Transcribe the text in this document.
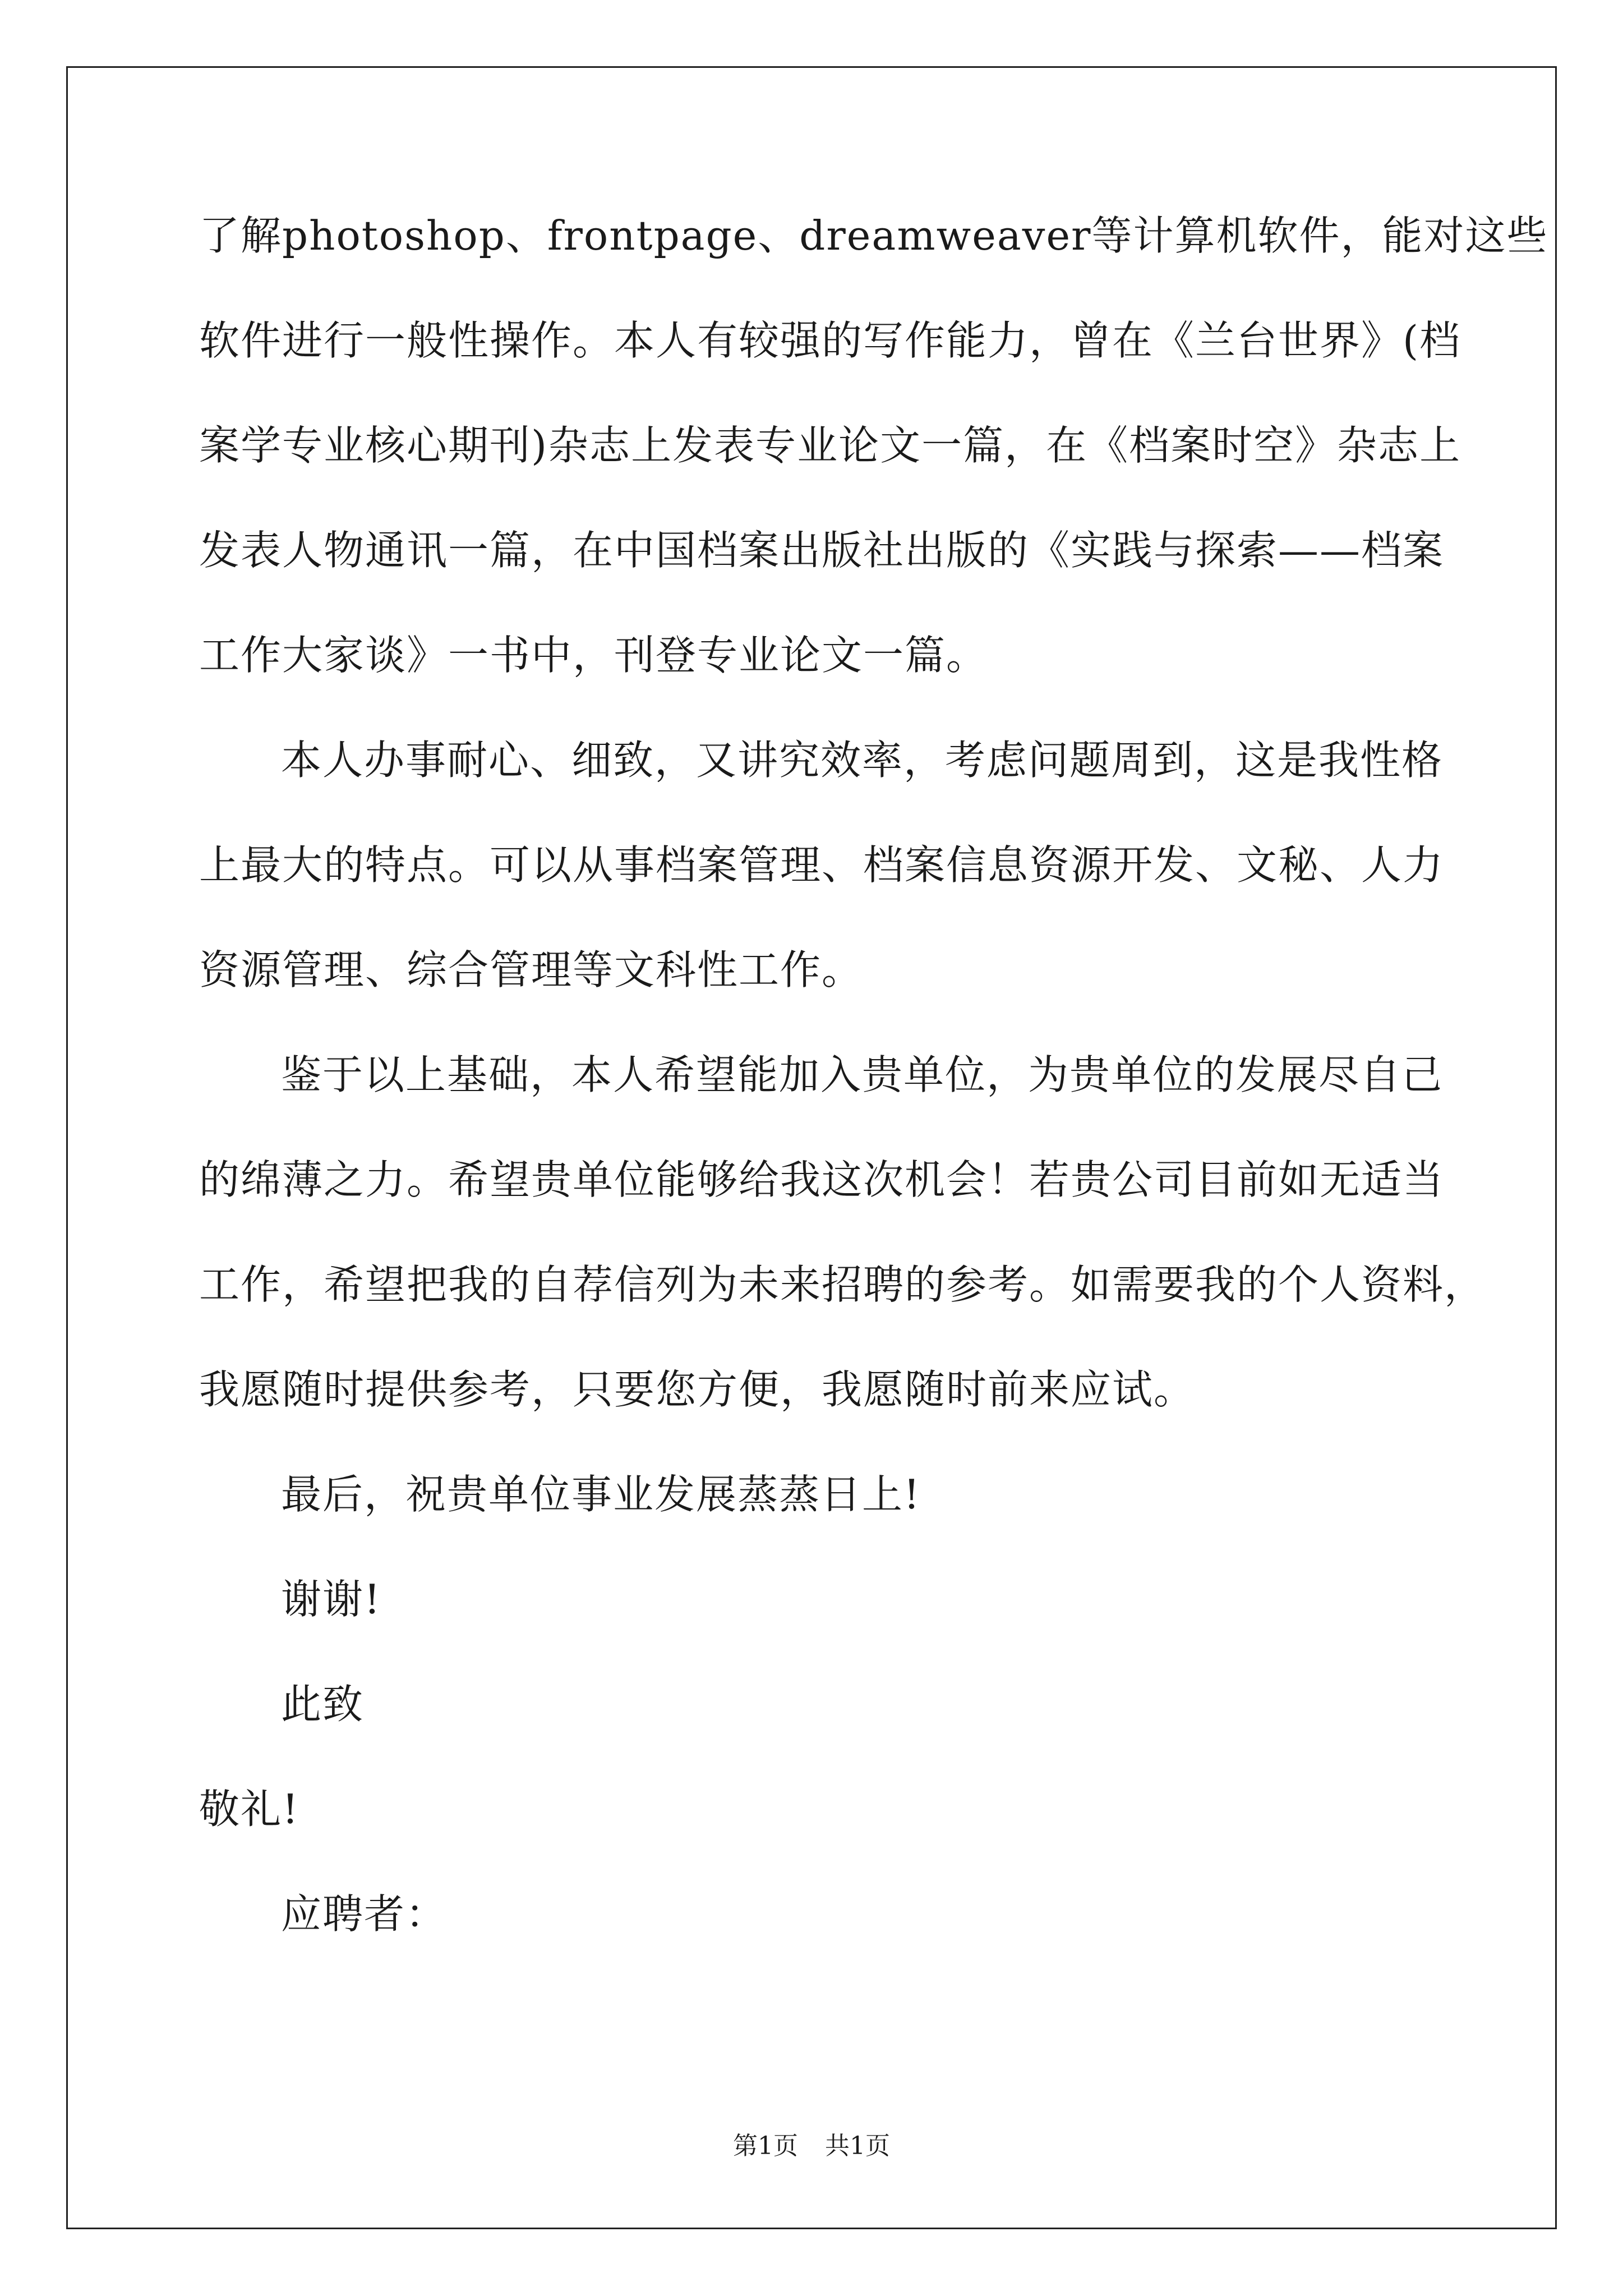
了解photoshop、frontpage、dreamweaver等计算机软件，能对这些
软件进行一般性操作。本人有较强的写作能力，曾在《兰台世界》(档
案学专业核心期刊)杂志上发表专业论文一篇，在《档案时空》杂志上
发表人物通讯一篇，在中国档案出版社出版的《实践与探索——档案
工作大家谈》一书中，刊登专业论文一篇。
本人办事耐心、细致，又讲究效率，考虑问题周到，这是我性格
上最大的特点。可以从事档案管理、档案信息资源开发、文秘、人力
资源管理、综合管理等文科性工作。
鉴于以上基础，本人希望能加入贵单位，为贵单位的发展尽自己
的绵薄之力。希望贵单位能够给我这次机会！若贵公司目前如无适当
工作，希望把我的自荐信列为未来招聘的参考。如需要我的个人资料，
我愿随时提供参考，只要您方便，我愿随时前来应试。
最后，祝贵单位事业发展蒸蒸日上!
谢谢!
此致
敬礼!
应聘者：
第1页 共1页
